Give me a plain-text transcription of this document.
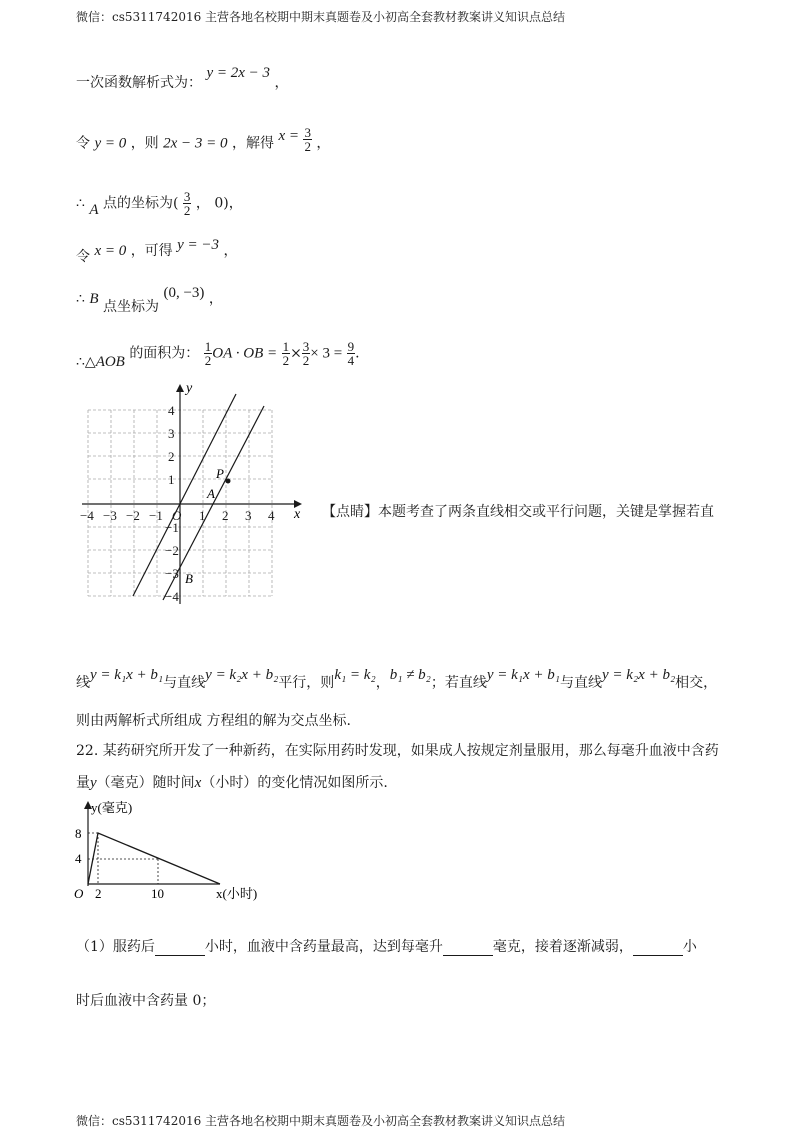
微信：cs5311742016 主营各地名校期中期末真题卷及小初高全套教材教案讲义知识点总结
一次函数解析式为： y = 2x − 3 ，
令 y = 0 ，则 2x − 3 = 0 ，解得 $x = \frac{3}{2}$ ，
∴ A 点的坐标为( $\frac{3}{2}$ ， 0)，
令 x = 0 ，可得 y = −3 ，
∴ B 点坐标为 (0, −3) ，
∴△AOB 的面积为： $\frac{1}{2}$ OA · OB = $\frac{1}{2} \times \frac{3}{2} \times 3 = \frac{9}{4}$ .
−4 −3 −2 −1 O 1 2 3 4
4
3
2
1
−1
−2
−3
−4
x
y
P
A
B
【点睛】本题考查了两条直线相交或平行问题，关键是掌握若直
线y = k₁x + b₁与直线y = k₂x + b₂平行，则k₁ = k₂，b₁ ≠ b₂；若直线y = k₁x + b₁与直线y = k₂x + b₂相交，
则由两解析式所组成 方程组的解为交点坐标.
22. 某药研究所开发了一种新药，在实际用药时发现，如果成人按规定剂量服用，那么每毫升血液中含药
量y（毫克）随时间x（小时）的变化情况如图所示.
y(毫克)
8
4
O 2	10	x(小时)
（1）服药后	小时，血液中含药量最高，达到每毫升	毫克，接着逐渐减弱，	小
时后血液中含药量 0；
微信：cs5311742016 主营各地名校期中期末真题卷及小初高全套教材教案讲义知识点总结
